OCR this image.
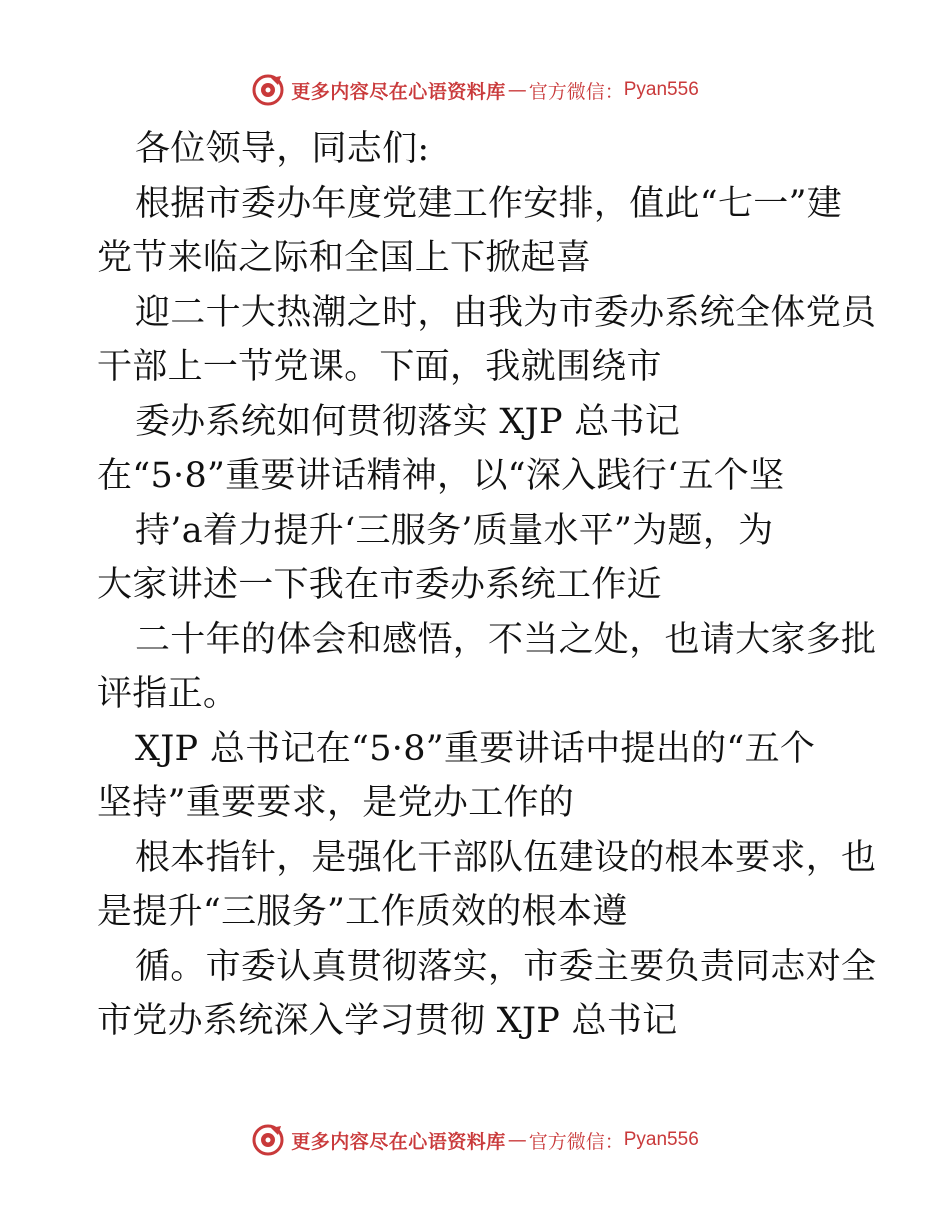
更多内容尽在心语资料库 — 官方微信： Pyan556
各位领导，同志们:
根据市委办年度党建工作安排，值此“七一”建
党节来临之际和全国上下掀起喜
迎二十大热潮之时，由我为市委办系统全体党员
干部上一节党课。下面，我就围绕市
委办系统如何贯彻落实 XJP 总书记
在“5·8”重要讲话精神，以“深入践行‘五个坚
持’a着力提升‘三服务’质量水平”为题，为
大家讲述一下我在市委办系统工作近
二十年的体会和感悟，不当之处，也请大家多批
评指正。
XJP 总书记在“5·8”重要讲话中提出的“五个
坚持”重要要求，是党办工作的
根本指针，是强化干部队伍建设的根本要求，也
是提升“三服务”工作质效的根本遵
循。市委认真贯彻落实，市委主要负责同志对全
市党办系统深入学习贯彻 XJP 总书记
更多内容尽在心语资料库 — 官方微信： Pyan556
